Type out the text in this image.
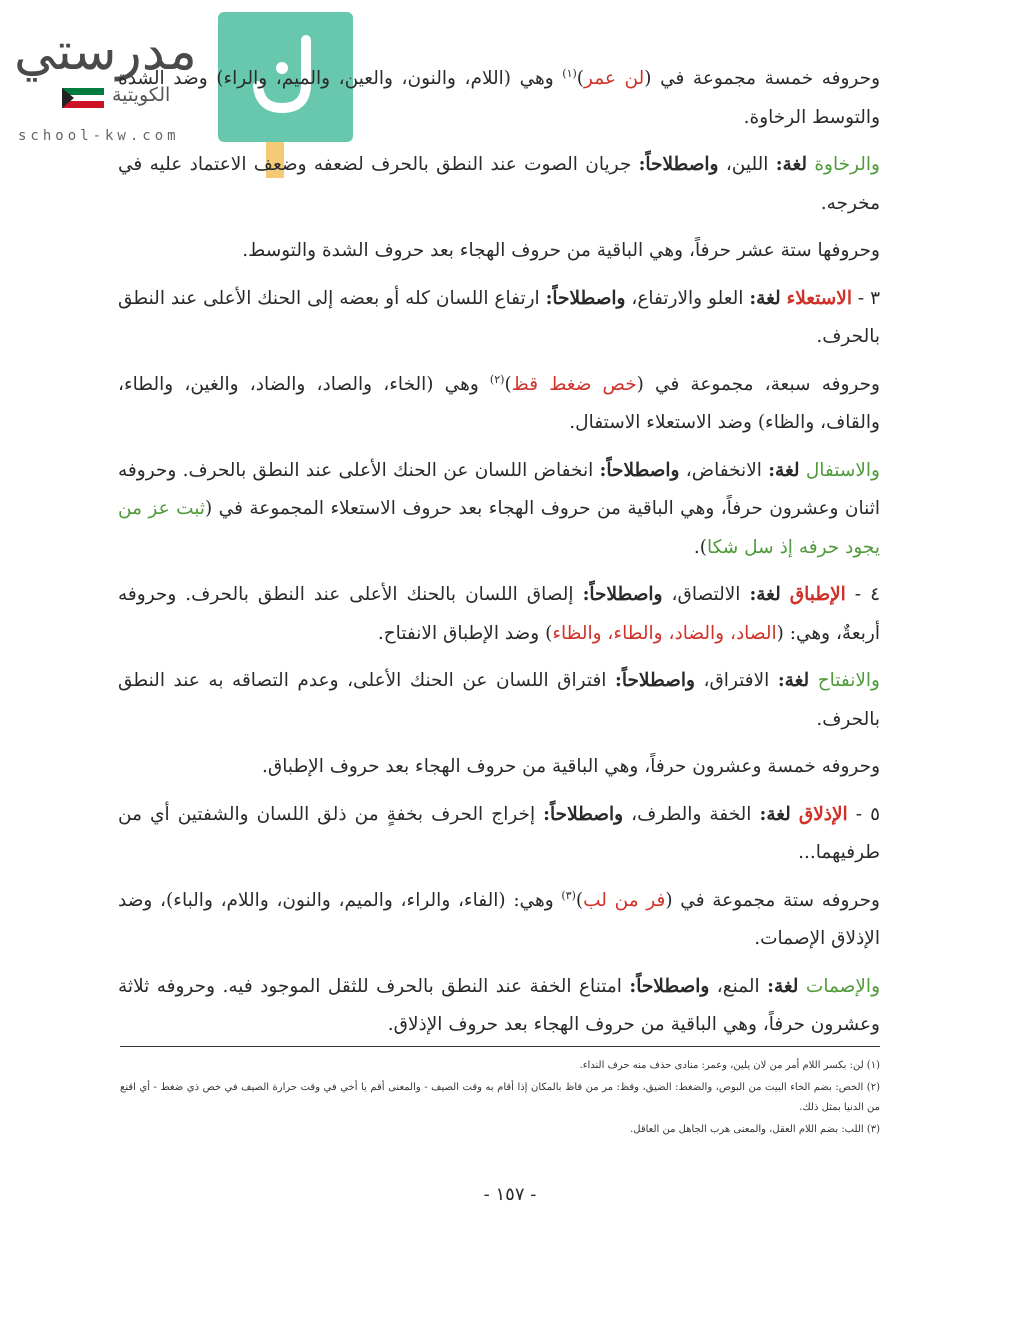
مدرستي
الكويتية
school-kw.com

وحروفه خمسة مجموعة في (لن عمر)$^{(١)}$ وهي (اللام، والنون، والعين، والميم، والراء) وضد الشدة والتوسط الرخاوة.

والرخاوة لغة: اللين، واصطلاحاً: جريان الصوت عند النطق بالحرف لضعفه وضعف الاعتماد عليه في مخرجه.

وحروفها ستة عشر حرفاً، وهي الباقية من حروف الهجاء بعد حروف الشدة والتوسط.

٣ - الاستعلاء لغة: العلو والارتفاع، واصطلاحاً: ارتفاع اللسان كله أو بعضه إلى الحنك الأعلى عند النطق بالحرف.

وحروفه سبعة، مجموعة في (خص ضغط قظ)$^{(٢)}$ وهي (الخاء، والصاد، والضاد، والغين، والطاء، والقاف، والظاء) وضد الاستعلاء الاستفال.

والاستفال لغة: الانخفاض، واصطلاحاً: انخفاض اللسان عن الحنك الأعلى عند النطق بالحرف. وحروفه اثنان وعشرون حرفاً، وهي الباقية من حروف الهجاء بعد حروف الاستعلاء المجموعة في (ثبت عز من يجود حرفه إذ سل شكا).

٤ - الإطباق لغة: الالتصاق، واصطلاحاً: إلصاق اللسان بالحنك الأعلى عند النطق بالحرف. وحروفه أربعةٌ، وهي: (الصاد، والضاد، والطاء، والظاء) وضد الإطباق الانفتاح.

والانفتاح لغة: الافتراق، واصطلاحاً: افتراق اللسان عن الحنك الأعلى، وعدم التصاقه به عند النطق بالحرف.

وحروفه خمسة وعشرون حرفاً، وهي الباقية من حروف الهجاء بعد حروف الإطباق.

٥ - الإذلاق لغة: الخفة والطرف، واصطلاحاً: إخراج الحرف بخفةٍ من ذلق اللسان والشفتين أي من طرفيهما...

وحروفه ستة مجموعة في (فر من لب)$^{(٣)}$ وهي: (الفاء، والراء، والميم، والنون، واللام، والباء)، وضد الإذلاق الإصمات.

والإصمات لغة: المنع، واصطلاحاً: امتناع الخفة عند النطق بالحرف للثقل الموجود فيه. وحروفه ثلاثة وعشرون حرفاً، وهي الباقية من حروف الهجاء بعد حروف الإذلاق.

(١) لن: بكسر اللام أمر من لان يلين، وعمر: منادى حذف منه حرف النداء.

(٢) الخص: بضم الخاء البيت من البوص، والضغط: الضيق، وقظ: مر من قاظ بالمكان إذا أقام به وقت الصيف - والمعنى أقم يا أخي في وقت حرارة الصيف في خص ذي ضغط - أي اقنع من الدنيا بمثل ذلك.

(٣) اللب: بضم اللام العقل، والمعنى هرب الجاهل من العاقل.

- ١٥٧ -
